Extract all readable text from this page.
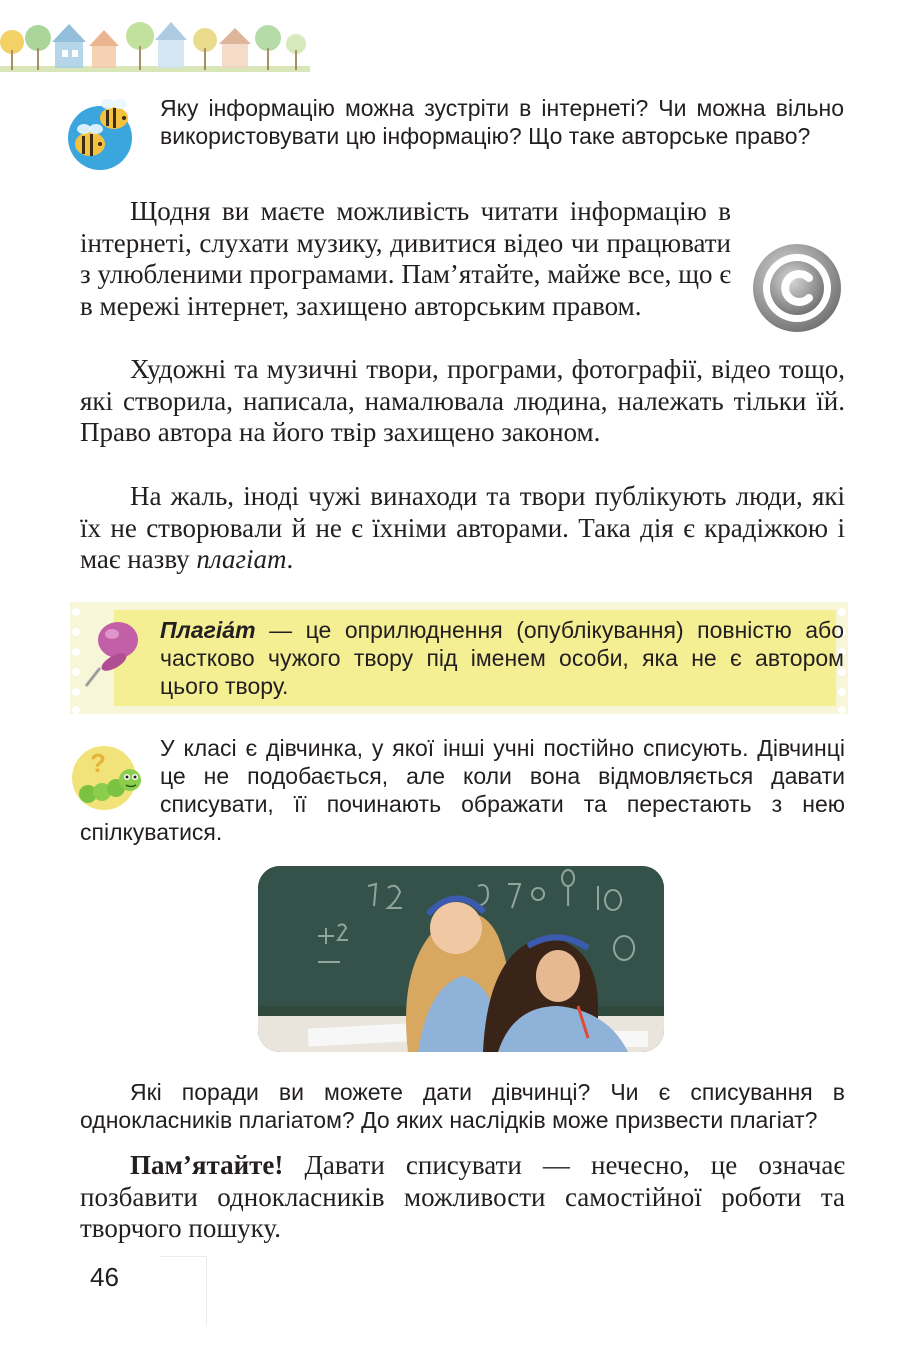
Яку інформацію можна зустріти в інтернеті? Чи можна вільно використовувати цю інформацію? Що таке авторське право?

Щодня ви маєте можливість читати інформацію в інтернеті, слухати музику, дивитися відео чи працювати з улюбленими програмами. Пам’ятайте, майже все, що є в мережі інтернет, захищено авторським правом.

Художні та музичні твори, програми, фотографії, відео тощо, які створила, написала, намалювала людина, належать тільки їй. Право автора на його твір захищено законом.

На жаль, іноді чужі винаходи та твори публікують люди, які їх не створювали й не є їхніми авторами. Така дія є крадіжкою і має назву плагіат.

Плагіа́т — це оприлюднення (опублікування) повністю або частково чужого твору під іменем особи, яка не є автором цього твору.
?	У класі є дівчинка, у якої інші учні постійно списують. Дівчинці це не подобається, але коли вона відмовляється давати списувати, її починають ображати та перестають з нею спілкуватися.
Які поради ви можете дати дівчинці? Чи є списування в однокласників плагіатом? До яких наслідків може призвести плагіат?

Пам’ятайте! Давати списувати — нечесно, це означає позбавити однокласників можливости самостійної роботи та творчого пошуку.

46
